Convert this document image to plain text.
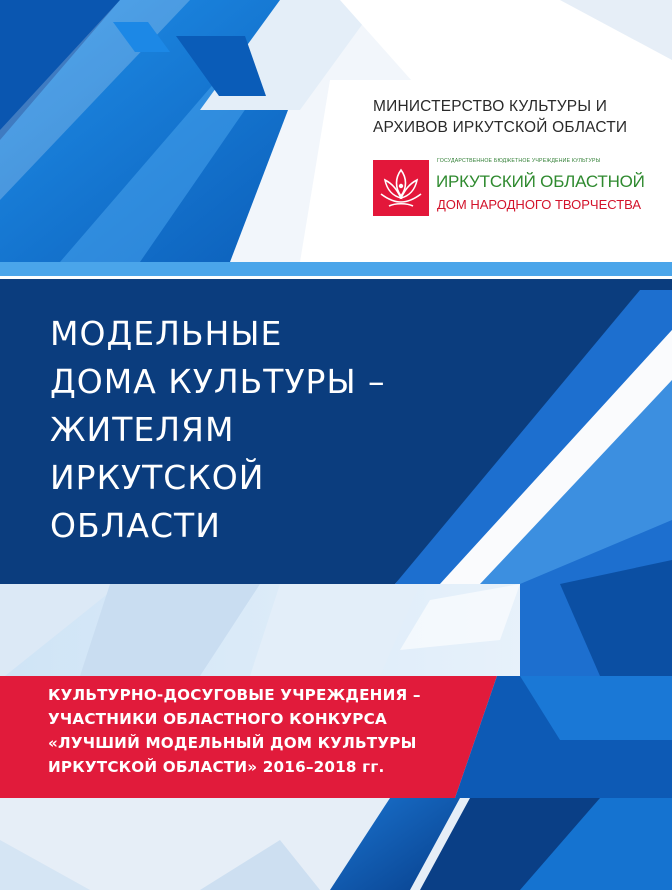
МИНИСТЕРСТВО КУЛЬТУРЫ И
АРХИВОВ ИРКУТСКОЙ ОБЛАСТИ
ГОСУДАРСТВЕННОЕ БЮДЖЕТНОЕ УЧРЕЖДЕНИЕ КУЛЬТУРЫ
ИРКУТСКИЙ ОБЛАСТНОЙ
ДОМ НАРОДНОГО ТВОРЧЕСТВА
МОДЕЛЬНЫЕ
ДОМА КУЛЬТУРЫ –
ЖИТЕЛЯМ
ИРКУТСКОЙ
ОБЛАСТИ
КУЛЬТУРНО-ДОСУГОВЫЕ УЧРЕЖДЕНИЯ –
УЧАСТНИКИ ОБЛАСТНОГО КОНКУРСА
«ЛУЧШИЙ МОДЕЛЬНЫЙ ДОМ КУЛЬТУРЫ
ИРКУТСКОЙ ОБЛАСТИ» 2016–2018 гг.
